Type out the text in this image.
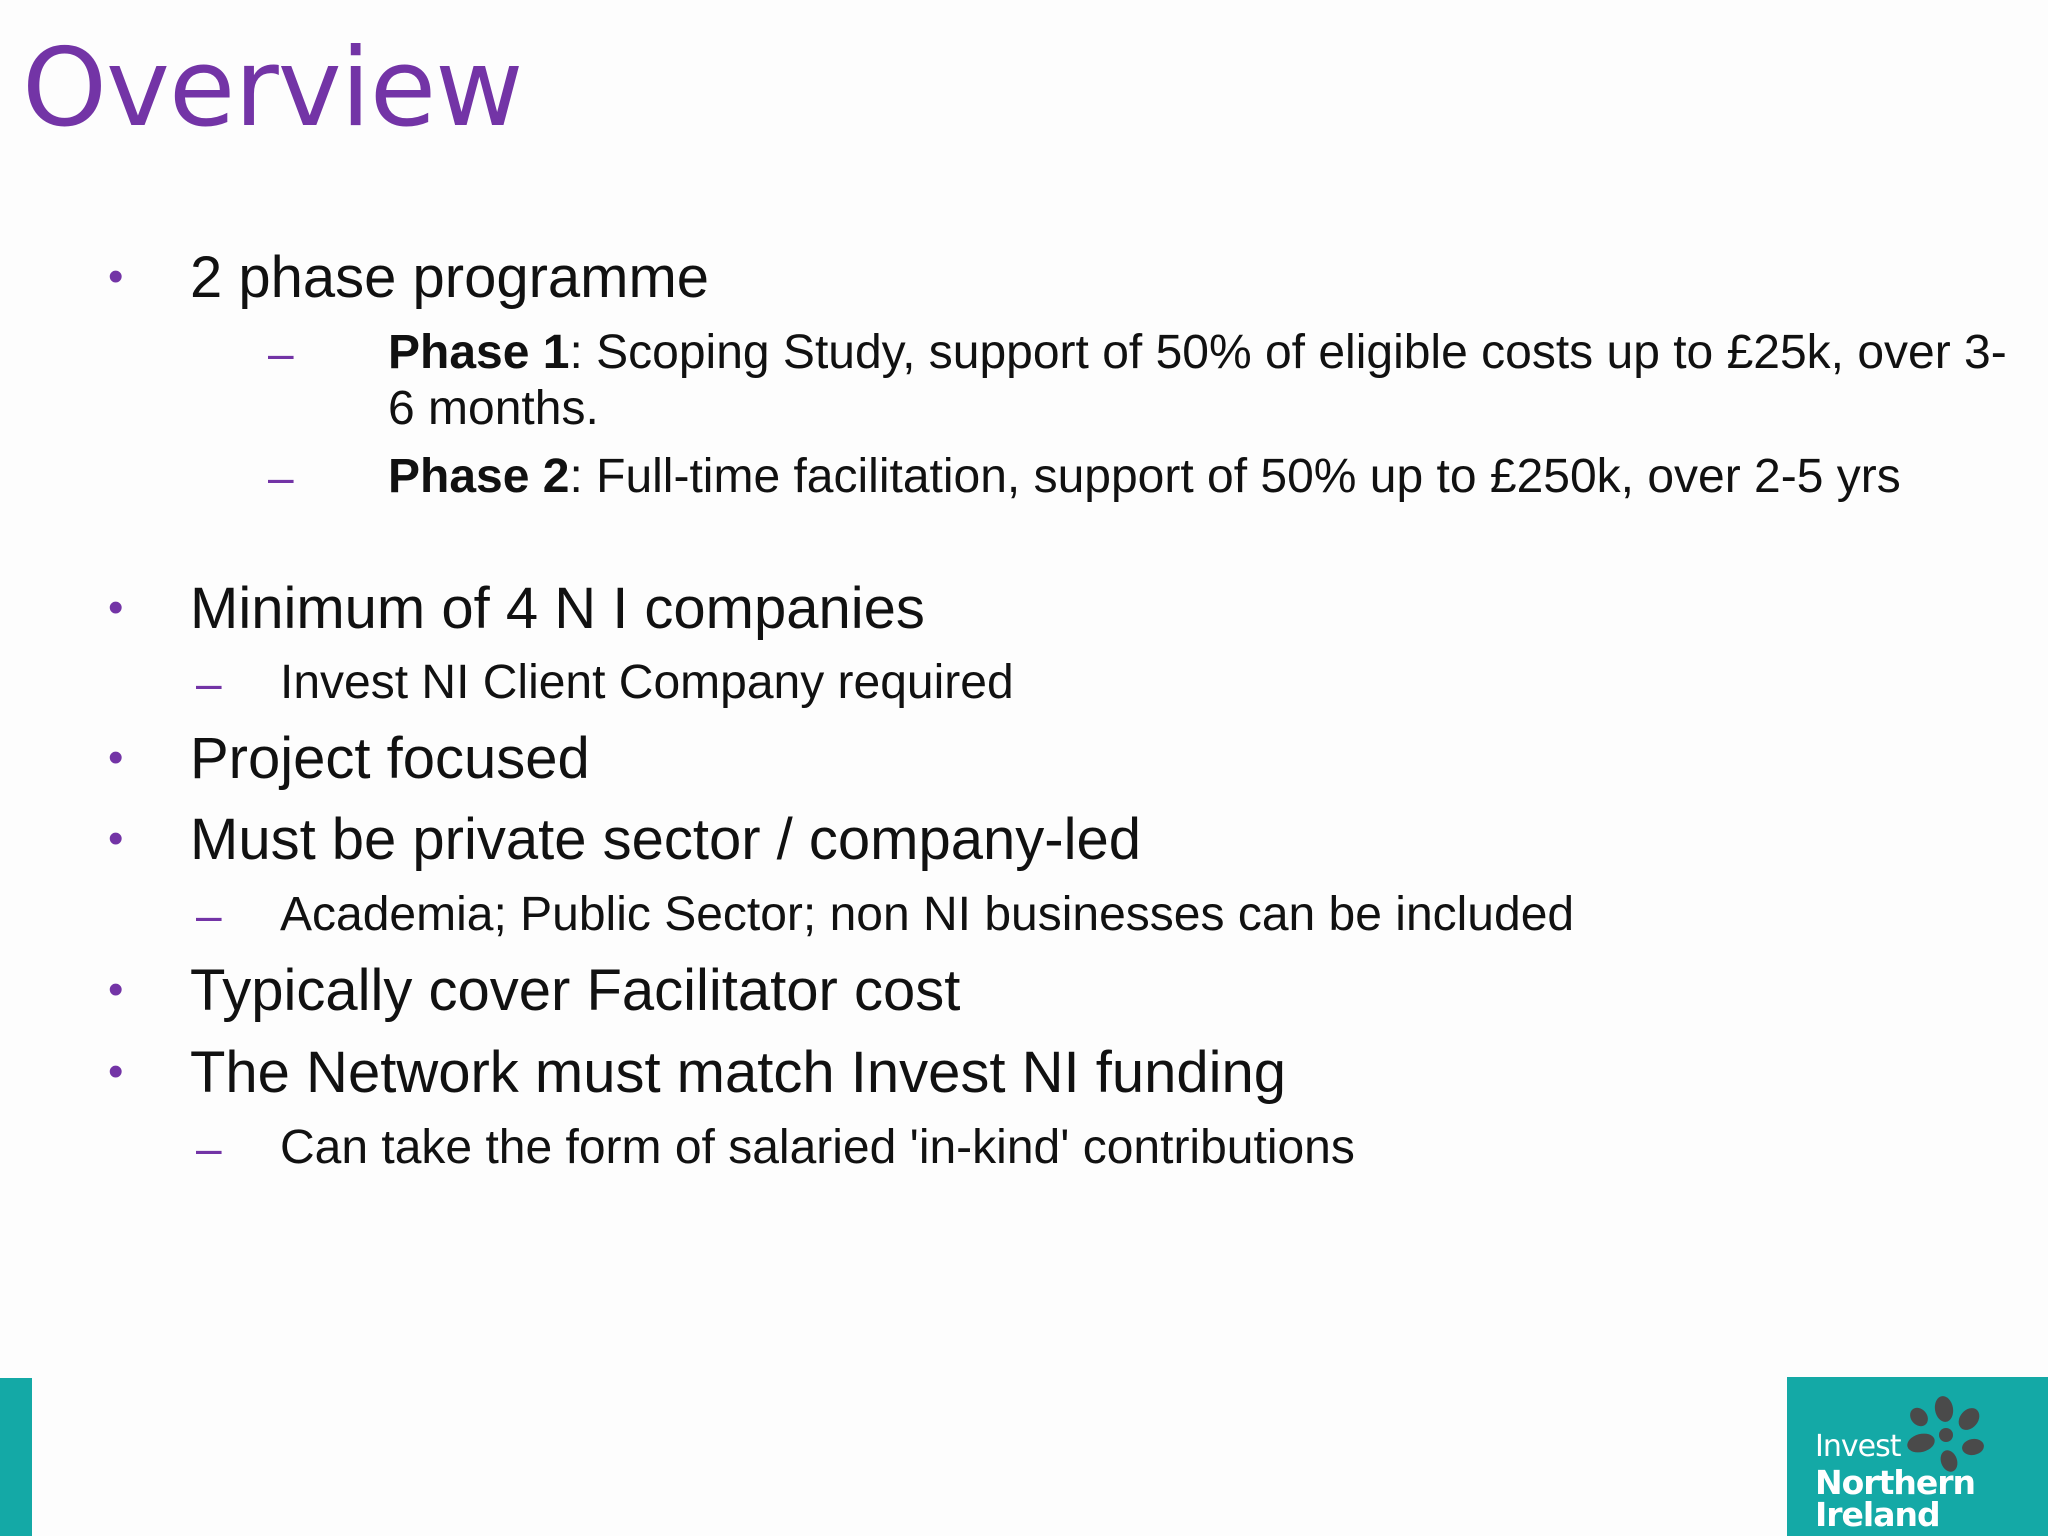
Overview
• 2 phase programme
– Phase 1: Scoping Study, support of 50% of eligible costs up to £25k, over 3-6 months.
– Phase 2: Full-time facilitation, support of 50% up to £250k, over 2-5 yrs
• Minimum of 4 N I companies
– Invest NI Client Company required
• Project focused
• Must be private sector / company-led
– Academia; Public Sector; non NI businesses can be included
• Typically cover Facilitator cost
• The Network must match Invest NI funding
– Can take the form of salaried 'in-kind' contributions
Invest
Northern
Ireland
